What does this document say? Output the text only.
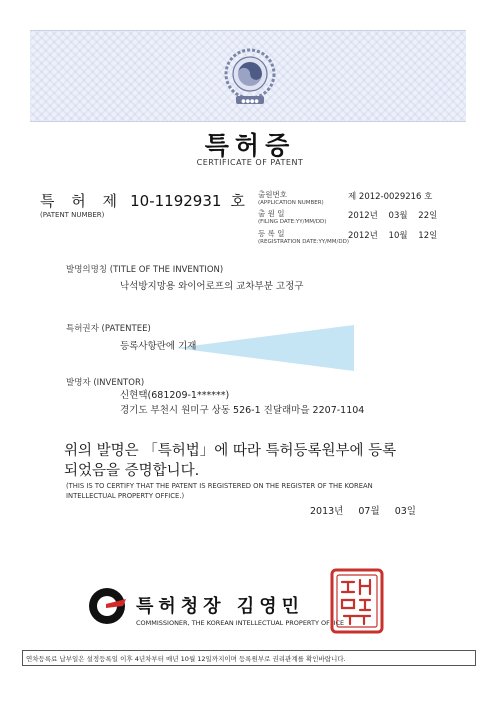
●●●●
특허증
CERTIFICATE OF PATENT
특 허 제 10-1192931 호
(PATENT NUMBER)
출원번호
(APPLICATION NUMBER)
제 2012-0029216 호
출 원 일
(FILING DATE:YY/MM/DD)
2012년 03월 22일
등 록 일
(REGISTRATION DATE:YY/MM/DD)
2012년 10월 12일
발명의명칭 (TITLE OF THE INVENTION)
낙석방지망용 와이어로프의 교차부분 고정구
특허권자 (PATENTEE)
등록사항란에 기재
발명자 (INVENTOR)
신현택(681209-1******)
경기도 부천시 원미구 상동 526-1 진달래마을 2207-1104
위의 발명은 「특허법」에 따라 특허등록원부에 등록
되었음을 증명합니다.
(THIS IS TO CERTIFY THAT THE PATENT IS REGISTERED ON THE REGISTER OF THE KOREAN
INTELLECTUAL PROPERTY OFFICE.)
2013년 07월 03일
특허청장 김영민
COMMISSIONER, THE KOREAN INTELLECTUAL PROPERTY OFFICE
연차등록료 납부일은 설정등록일 이후 4년차부터 매년 10월 12일까지이며 등록원부로 권리관계를 확인바랍니다.
